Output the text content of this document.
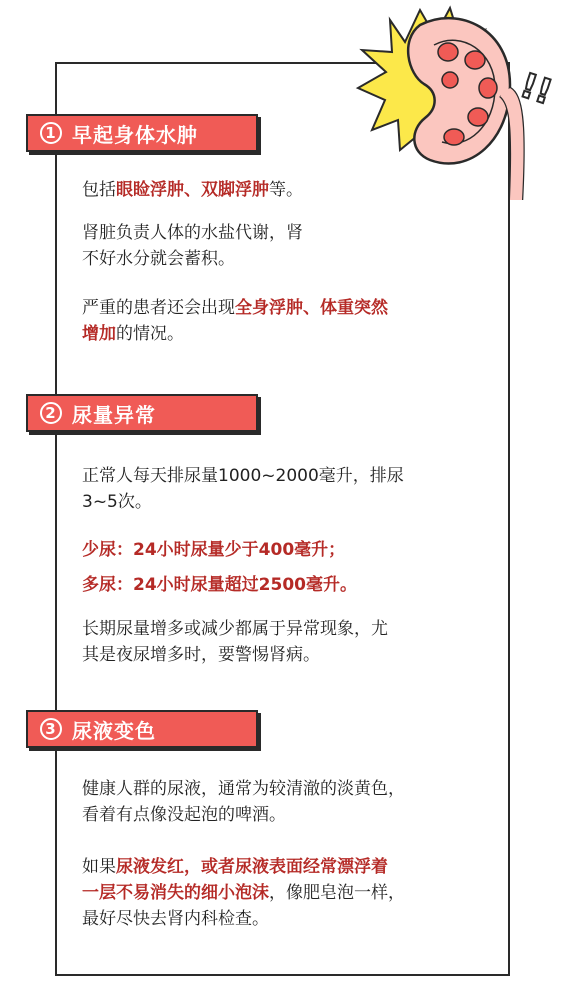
!!
1 早起身体水肿
包括眼睑浮肿、双脚浮肿等。
肾脏负责人体的水盐代谢，肾
不好水分就会蓄积。
严重的患者还会出现全身浮肿、体重突然
增加的情况。
2 尿量异常
正常人每天排尿量1000~2000毫升，排尿
3~5次。
少尿：24小时尿量少于400毫升；
多尿：24小时尿量超过2500毫升。
长期尿量增多或减少都属于异常现象，尤
其是夜尿增多时，要警惕肾病。
3 尿液变色
健康人群的尿液，通常为较清澈的淡黄色，
看着有点像没起泡的啤酒。
如果尿液发红，或者尿液表面经常漂浮着
一层不易消失的细小泡沫，像肥皂泡一样，
最好尽快去肾内科检查。
